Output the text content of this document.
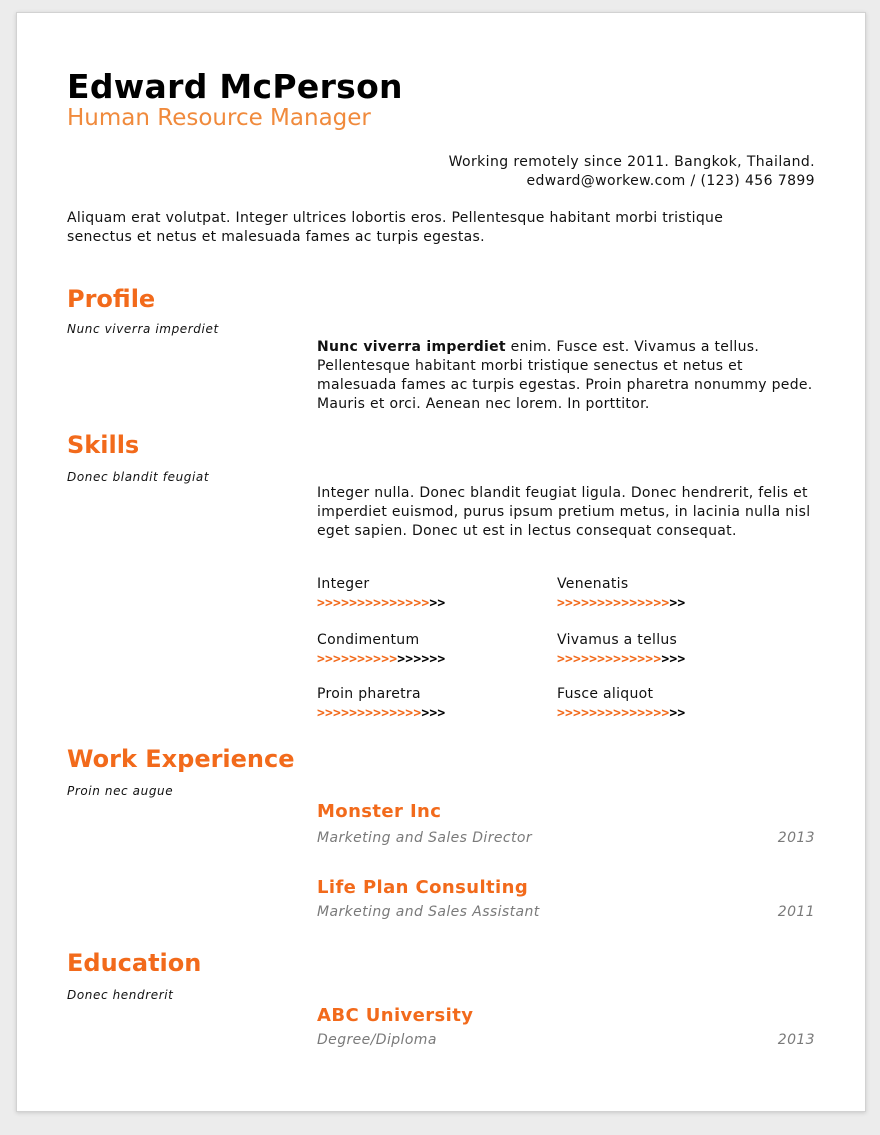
Edward McPerson
Human Resource Manager
Working remotely since 2011. Bangkok, Thailand.
edward@workew.com / (123) 456 7899
Aliquam erat volutpat. Integer ultrices lobortis eros. Pellentesque habitant morbi tristique senectus et netus et malesuada fames ac turpis egestas.
Profile
Nunc viverra imperdiet
Nunc viverra imperdiet enim. Fusce est. Vivamus a tellus. Pellentesque habitant morbi tristique senectus et netus et malesuada fames ac turpis egestas. Proin pharetra nonummy pede. Mauris et orci. Aenean nec lorem. In porttitor.
Skills
Donec blandit feugiat
Integer nulla. Donec blandit feugiat ligula. Donec hendrerit, felis et imperdiet euismod, purus ipsum pretium metus, in lacinia nulla nisl eget sapien. Donec ut est in lectus consequat consequat.
Integer
>>>>>>>>>>>>>>>>
Venenatis
>>>>>>>>>>>>>>>>
Condimentum
>>>>>>>>>>>>>>>>
Vivamus a tellus
>>>>>>>>>>>>>>>>
Proin pharetra
>>>>>>>>>>>>>>>>
Fusce aliquot
>>>>>>>>>>>>>>>>
Work Experience
Proin nec augue
Monster Inc
Marketing and Sales Director	2013
Life Plan Consulting
Marketing and Sales Assistant	2011
Education
Donec hendrerit
ABC University
Degree/Diploma	2013
